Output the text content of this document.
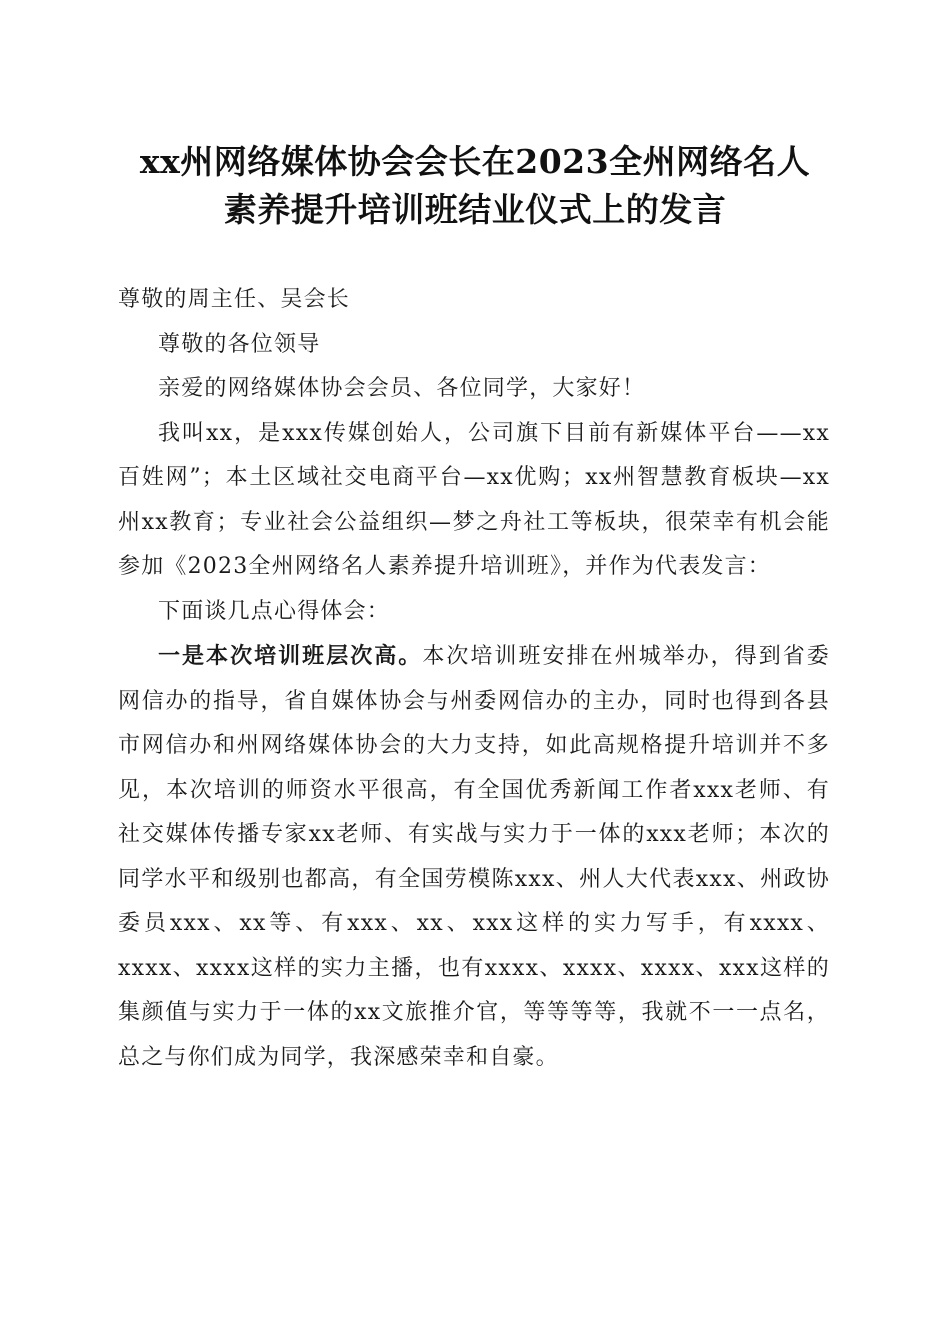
xx州网络媒体协会会长在2023全州网络名人
素养提升培训班结业仪式上的发言

尊敬的周主任、吴会长

尊敬的各位领导

亲爱的网络媒体协会会员、各位同学，大家好！

我叫xx，是xxx传媒创始人，公司旗下目前有新媒体平台——xx百姓网”；本土区域社交电商平台—xx优购；xx州智慧教育板块—xx州xx教育；专业社会公益组织—梦之舟社工等板块，很荣幸有机会能参加《2023全州网络名人素养提升培训班》，并作为代表发言：

下面谈几点心得体会：

一是本次培训班层次高。本次培训班安排在州城举办，得到省委网信办的指导，省自媒体协会与州委网信办的主办，同时也得到各县市网信办和州网络媒体协会的大力支持，如此高规格提升培训并不多见，本次培训的师资水平很高，有全国优秀新闻工作者xxx老师、有社交媒体传播专家xx老师、有实战与实力于一体的xxx老师；本次的同学水平和级别也都高，有全国劳模陈xxx、州人大代表xxx、州政协委员xxx、xx等、有xxx、xx、xxx这样的实力写手，有xxxx、xxxx、xxxx这样的实力主播，也有xxxx、xxxx、xxxx、xxx这样的集颜值与实力于一体的xx文旅推介官，等等等等，我就不一一点名，总之与你们成为同学，我深感荣幸和自豪。
